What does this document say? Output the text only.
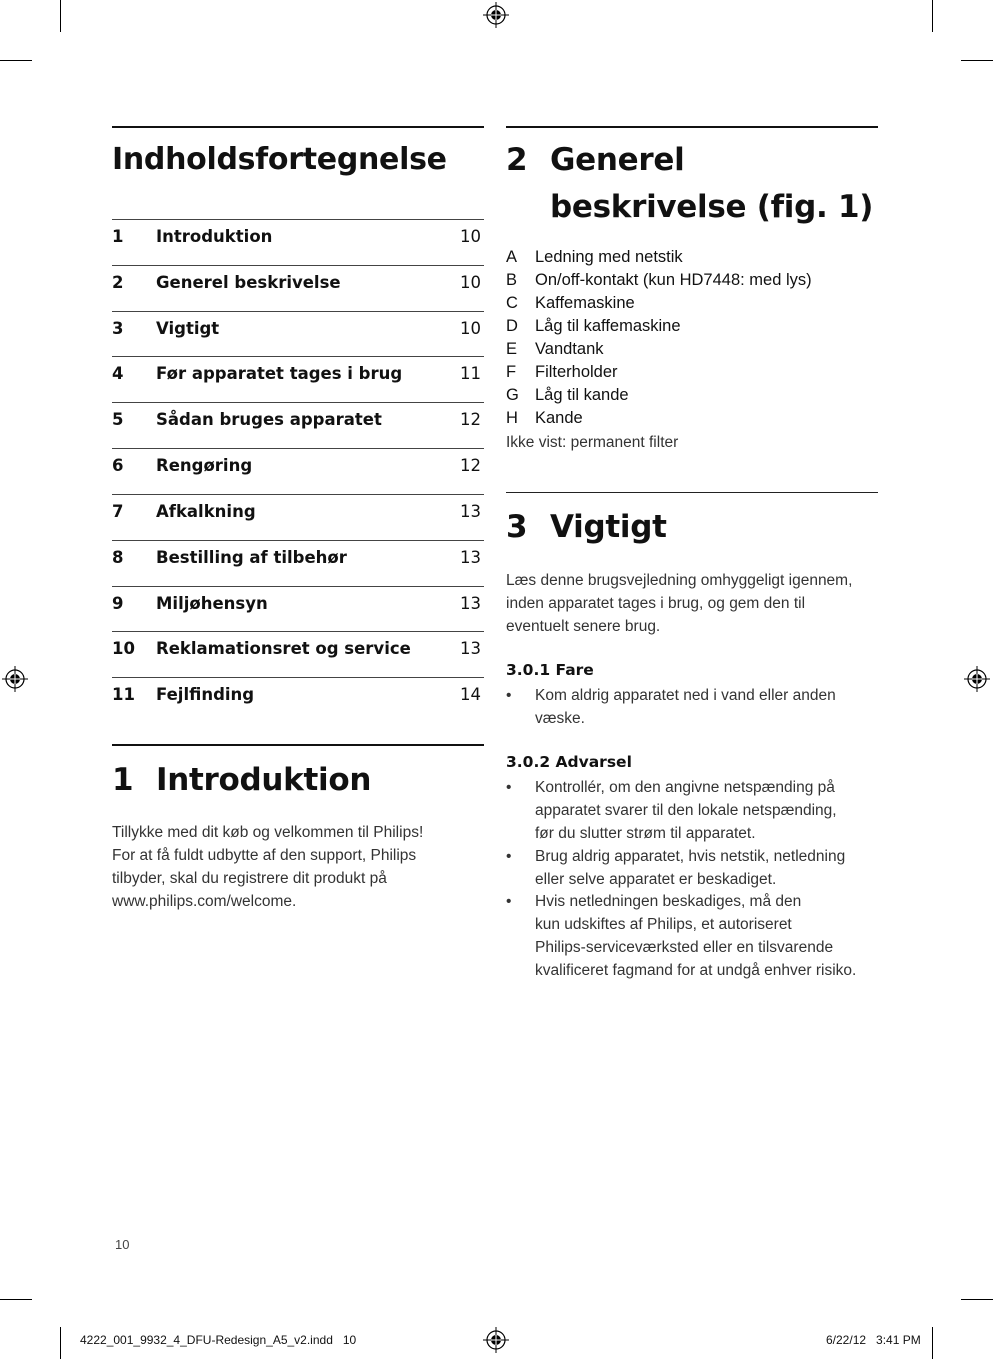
Indholdsfortegnelse
1 Introduktion	10
2 Generel beskrivelse	10
3 Vigtigt	10
4 Før apparatet tages i brug	11
5 Sådan bruges apparatet	12
6 Rengøring	12
7 Afkalkning	13
8 Bestilling af tilbehør	13
9 Miljøhensyn	13
10 Reklamationsret og service	13
11 Fejlfinding	14
1 Introduktion
Tillykke med dit køb og velkommen til Philips!
For at få fuldt udbytte af den support, Philips
tilbyder, skal du registrere dit produkt på
www.philips.com/welcome.
2 Generel
beskrivelse (fig. 1)
A Ledning med netstik
B On/off-kontakt (kun HD7448: med lys)
C Kaffemaskine
D Låg til kaffemaskine
E Vandtank
F Filterholder
G Låg til kande
H Kande
Ikke vist: permanent filter
3 Vigtigt
Læs denne brugsvejledning omhyggeligt igennem,
inden apparatet tages i brug, og gem den til
eventuelt senere brug.
3.0.1 Fare
• Kom aldrig apparatet ned i vand eller anden
væske.
3.0.2 Advarsel
• Kontrollér, om den angivne netspænding på
apparatet svarer til den lokale netspænding,
før du slutter strøm til apparatet.
• Brug aldrig apparatet, hvis netstik, netledning
eller selve apparatet er beskadiget.
• Hvis netledningen beskadiges, må den
kun udskiftes af Philips, et autoriseret
Philips-serviceværksted eller en tilsvarende
kvalificeret fagmand for at undgå enhver risiko.
10
4222_001_9932_4_DFU-Redesign_A5_v2.indd   10	6/22/12   3:41 PM
